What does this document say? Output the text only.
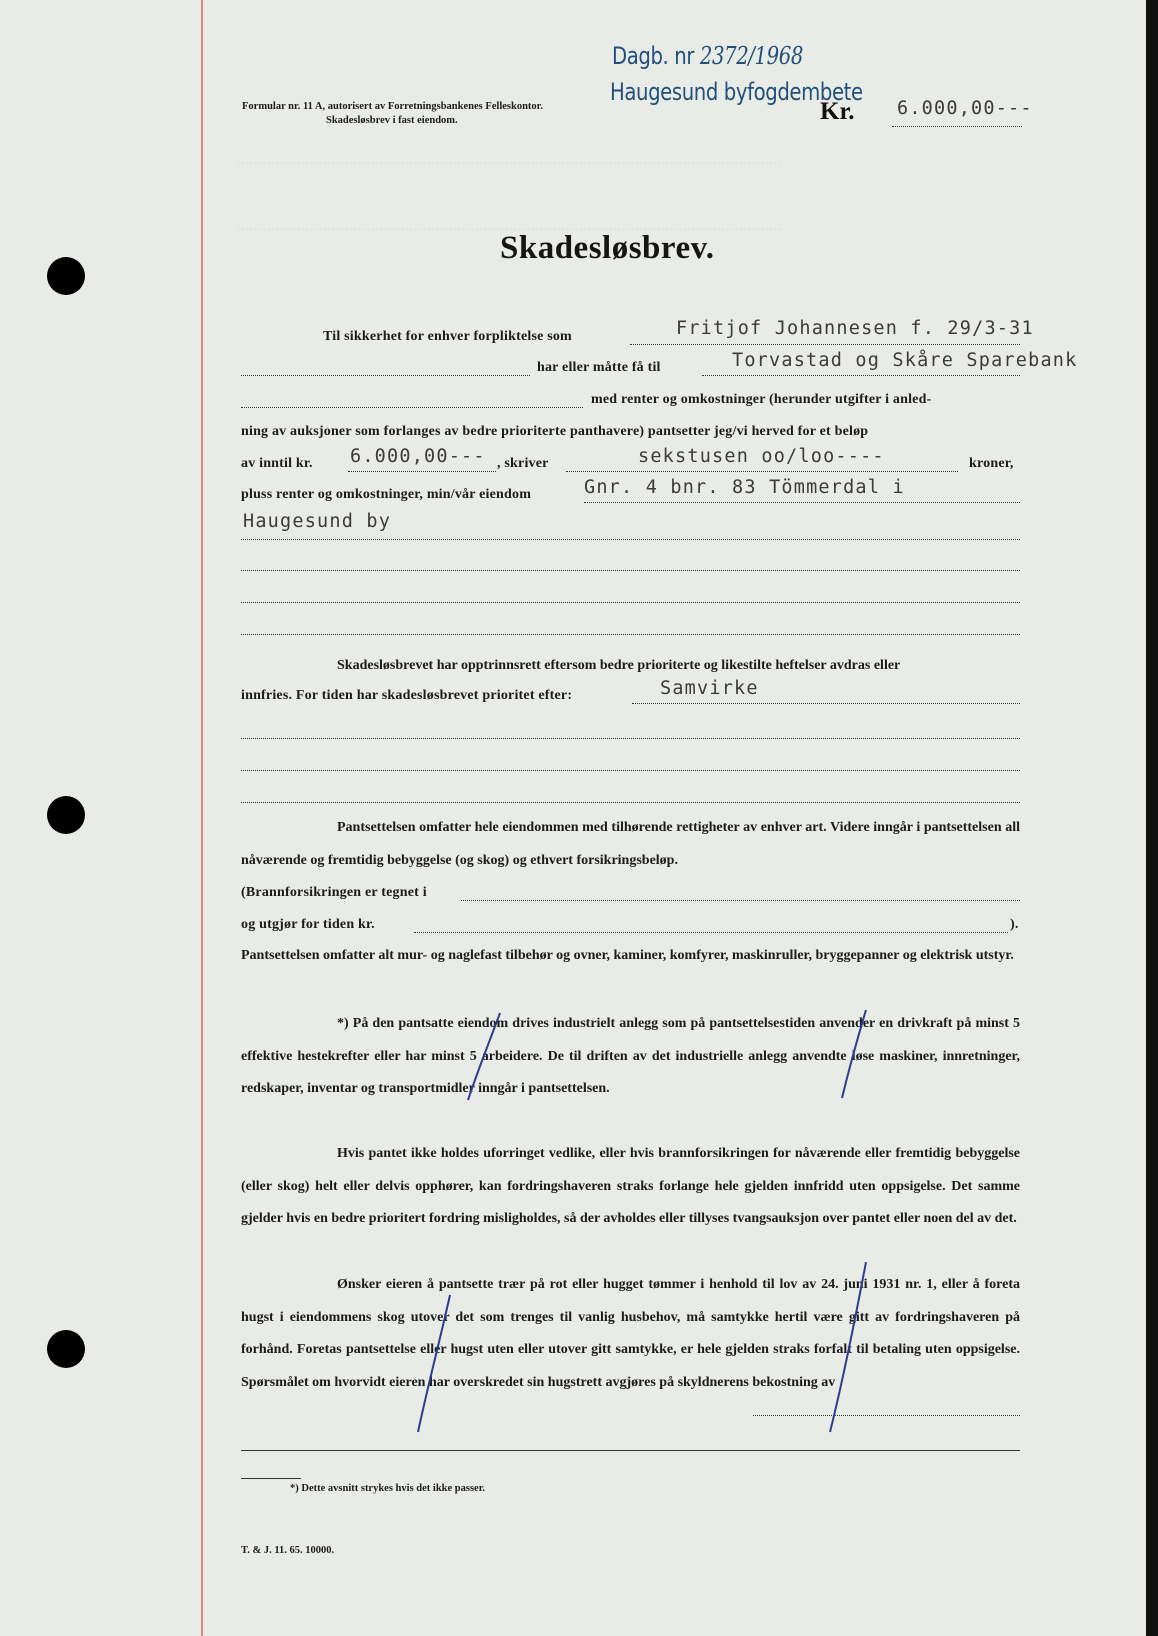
………………………………………………………………………………………………………………
………………………………………………………………………………………………………………
Dagb. nr 2372/1968
Haugesund byfogdembete
Formular nr. 11 A, autorisert av Forretningsbankenes Felleskontor.
Skadesløsbrev i fast eiendom.	Kr. 6.000,00---
Skadesløsbrev.
Til sikkerhet for enhver forpliktelse som	Fritjof Johannesen f. 29/3-31
har eller måtte få til	Torvastad og Skåre Sparebank
med renter og omkostninger (herunder utgifter i anled-
ning av auksjoner som forlanges av bedre prioriterte panthavere) pantsetter jeg/vi herved for et beløp
av inntil kr. 6.000,00--- , skriver	sekstusen oo/loo----	kroner,
pluss renter og omkostninger, min/vår eiendom	Gnr. 4 bnr. 83 Tömmerdal i
Haugesund by
Skadesløsbrevet har opptrinnsrett eftersom bedre prioriterte og likestilte heftelser avdras eller
innfries. For tiden har skadesløsbrevet prioritet efter:	Samvirke
Pantsettelsen omfatter hele eiendommen med tilhørende rettigheter av enhver art. Videre inngår i pantsettelsen all nåværende og fremtidig bebyggelse (og skog) og ethvert forsikringsbeløp.
(Brannforsikringen er tegnet i
og utgjør for tiden kr.	).
Pantsettelsen omfatter alt mur- og naglefast tilbehør og ovner, kaminer, komfyrer, maskinruller, bryggepanner og elektrisk utstyr.
*) På den pantsatte eiendom drives industrielt anlegg som på pantsettelsestiden anvender en drivkraft på minst 5 effektive hestekrefter eller har minst 5 arbeidere. De til driften av det industrielle anlegg anvendte løse maskiner, innretninger, redskaper, inventar og transportmidler inngår i pantsettelsen.
Hvis pantet ikke holdes uforringet vedlike, eller hvis brannforsikringen for nåværende eller fremtidig bebyggelse (eller skog) helt eller delvis opphører, kan fordringshaveren straks forlange hele gjelden innfridd uten oppsigelse. Det samme gjelder hvis en bedre prioritert fordring misligholdes, så der avholdes eller tillyses tvangsauksjon over pantet eller noen del av det.
Ønsker eieren å pantsette trær på rot eller hugget tømmer i henhold til lov av 24. juni 1931 nr. 1, eller å foreta hugst i eiendommens skog utover det som trenges til vanlig husbehov, må samtykke hertil være gitt av fordringshaveren på forhånd. Foretas pantsettelse eller hugst uten eller utover gitt samtykke, er hele gjelden straks forfalt til betaling uten oppsigelse. Spørsmålet om hvorvidt eieren har overskredet sin hugstrett avgjøres på skyldnerens bekostning av
*) Dette avsnitt strykes hvis det ikke passer.
T. & J. 11. 65. 10000.
